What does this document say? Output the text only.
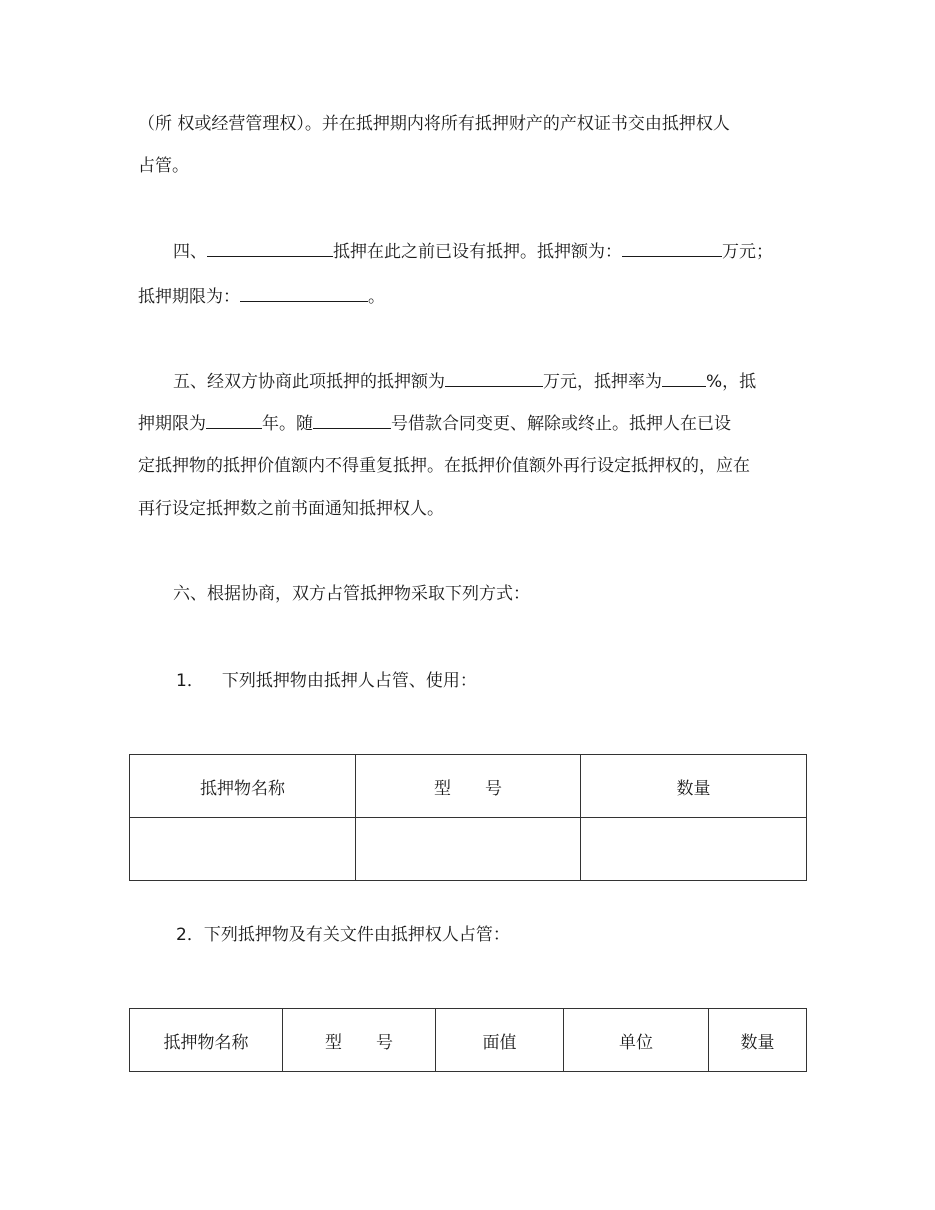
（所 权或经营管理权）。并在抵押期内将所有抵押财产的产权证书交由抵押权人
占管。
四、	抵押在此之前已设有抵押。抵押额为：	万元；
抵押期限为：	。
五、经双方协商此项抵押的抵押额为	万元，抵押率为	%，抵
押期限为	年。随	号借款合同变更、解除或终止。抵押人在已设
定抵押物的抵押价值额内不得重复抵押。在抵押价值额外再行设定抵押权的，应在
再行设定抵押数之前书面通知抵押权人。
六、根据协商，双方占管抵押物采取下列方式：
1． 下列抵押物由抵押人占管、使用：
抵押物名称	型　　号	数量

2．下列抵押物及有关文件由抵押权人占管：
抵押物名称	型　　号	面值	单位	数量
